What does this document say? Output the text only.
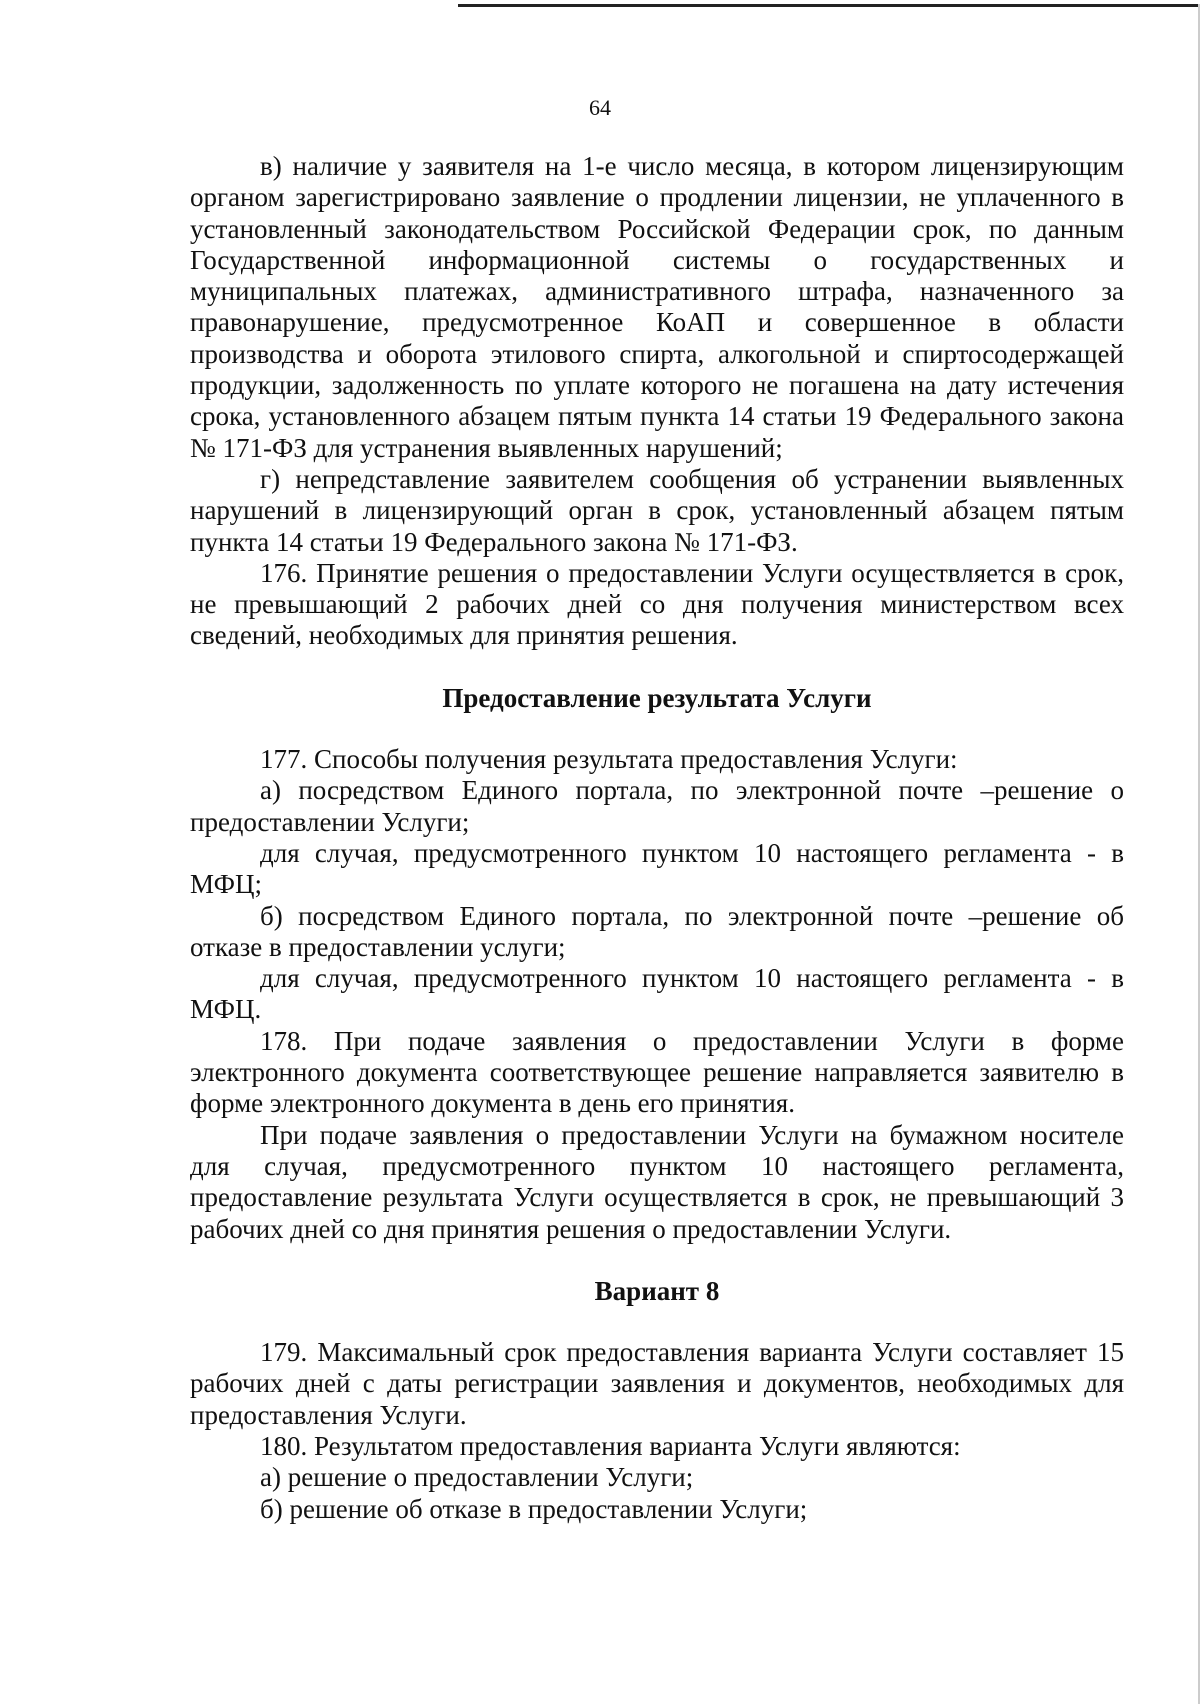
64

в) наличие у заявителя на 1-е число месяца, в котором лицензирующим органом зарегистрировано заявление о продлении лицензии, не уплаченного в установленный законодательством Российской Федерации срок, по данным Государственной информационной системы о государственных и муниципальных платежах, административного штрафа, назначенного за правонарушение, предусмотренное КоАП и совершенное в области производства и оборота этилового спирта, алкогольной и спиртосодержащей продукции, задолженность по уплате которого не погашена на дату истечения срока, установленного абзацем пятым пункта 14 статьи 19 Федерального закона № 171-ФЗ для устранения выявленных нарушений;

г) непредставление заявителем сообщения об устранении выявленных нарушений в лицензирующий орган в срок, установленный абзацем пятым пункта 14 статьи 19 Федерального закона № 171-ФЗ.

176. Принятие решения о предоставлении Услуги осуществляется в срок, не превышающий 2 рабочих дней со дня получения министерством всех сведений, необходимых для принятия решения.

Предоставление результата Услуги

177. Способы получения результата предоставления Услуги:

а) посредством Единого портала, по электронной почте –решение о предоставлении Услуги;

для случая, предусмотренного пунктом 10 настоящего регламента - в МФЦ;

б) посредством Единого портала, по электронной почте –решение об отказе в предоставлении услуги;

для случая, предусмотренного пунктом 10 настоящего регламента - в МФЦ.

178. При подаче заявления о предоставлении Услуги в форме электронного документа соответствующее решение направляется заявителю в форме электронного документа в день его принятия.

При подаче заявления о предоставлении Услуги на бумажном носителе для случая, предусмотренного пунктом 10 настоящего регламента, предоставление результата Услуги осуществляется в срок, не превышающий 3 рабочих дней со дня принятия решения о предоставлении Услуги.

Вариант 8

179. Максимальный срок предоставления варианта Услуги составляет 15 рабочих дней с даты регистрации заявления и документов, необходимых для предоставления Услуги.

180. Результатом предоставления варианта Услуги являются:

а) решение о предоставлении Услуги;

б) решение об отказе в предоставлении Услуги;
